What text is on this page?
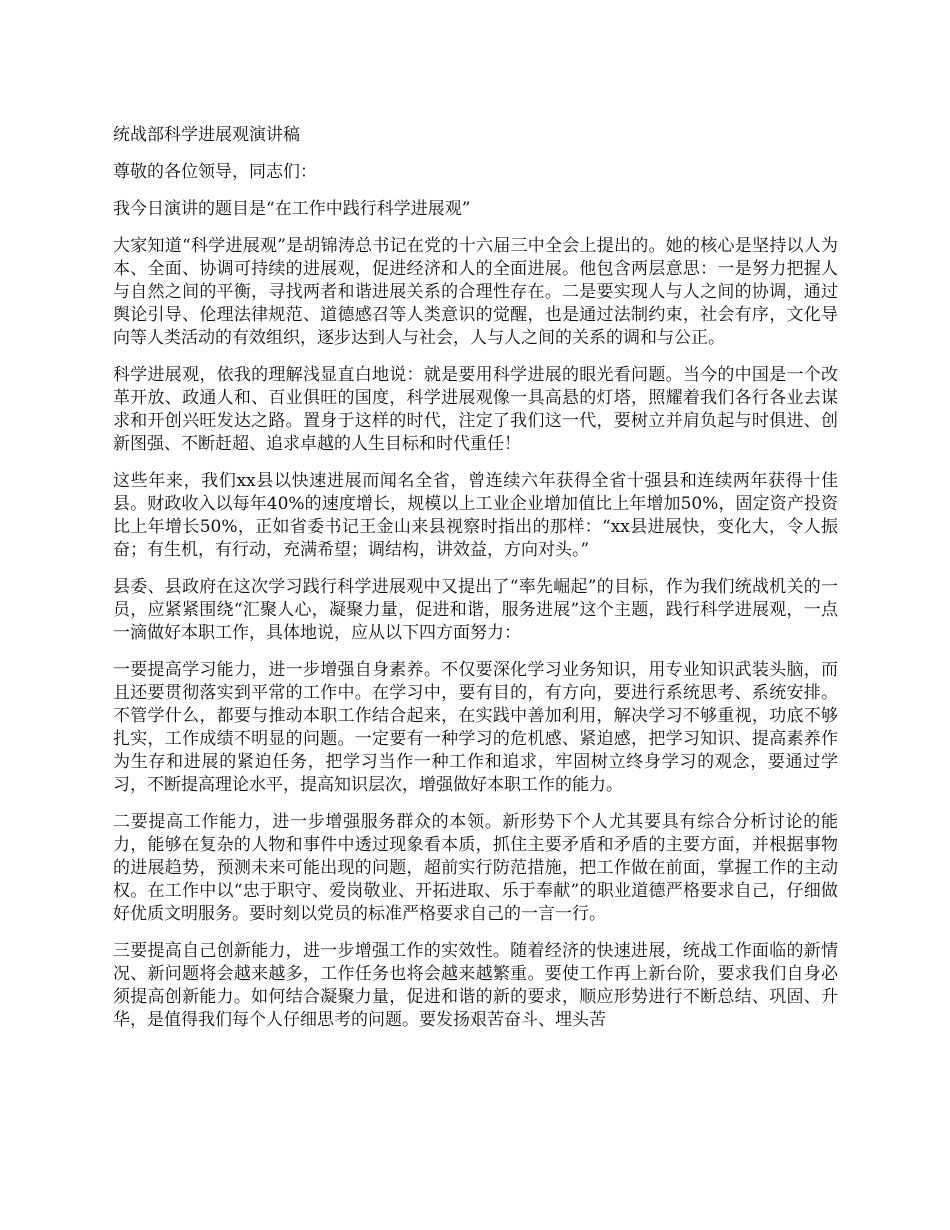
统战部科学进展观演讲稿

尊敬的各位领导，同志们：

我今日演讲的题目是“在工作中践行科学进展观”

大家知道“科学进展观”是胡锦涛总书记在党的十六届三中全会上提出的。她的核心是坚持以人为本、全面、协调可持续的进展观，促进经济和人的全面进展。他包含两层意思：一是努力把握人与自然之间的平衡，寻找两者和谐进展关系的合理性存在。二是要实现人与人之间的协调，通过舆论引导、伦理法律规范、道德感召等人类意识的觉醒，也是通过法制约束，社会有序，文化导向等人类活动的有效组织，逐步达到人与社会，人与人之间的关系的调和与公正。

科学进展观，依我的理解浅显直白地说：就是要用科学进展的眼光看问题。当今的中国是一个改革开放、政通人和、百业俱旺的国度，科学进展观像一具高悬的灯塔，照耀着我们各行各业去谋求和开创兴旺发达之路。置身于这样的时代，注定了我们这一代，要树立并肩负起与时俱进、创新图强、不断赶超、追求卓越的人生目标和时代重任！

这些年来，我们xx县以快速进展而闻名全省，曾连续六年获得全省十强县和连续两年获得十佳县。财政收入以每年40%的速度增长，规模以上工业企业增加值比上年增加50%，固定资产投资比上年增长50%，正如省委书记王金山来县视察时指出的那样：“xx县进展快，变化大，令人振奋；有生机，有行动，充满希望；调结构，讲效益，方向对头。”

县委、县政府在这次学习践行科学进展观中又提出了“率先崛起”的目标，作为我们统战机关的一员，应紧紧围绕“汇聚人心，凝聚力量，促进和谐，服务进展”这个主题，践行科学进展观，一点一滴做好本职工作，具体地说，应从以下四方面努力：

一要提高学习能力，进一步增强自身素养。不仅要深化学习业务知识，用专业知识武装头脑，而且还要贯彻落实到平常的工作中。在学习中，要有目的，有方向，要进行系统思考、系统安排。不管学什么，都要与推动本职工作结合起来，在实践中善加利用，解决学习不够重视，功底不够扎实，工作成绩不明显的问题。一定要有一种学习的危机感、紧迫感，把学习知识、提高素养作为生存和进展的紧迫任务，把学习当作一种工作和追求，牢固树立终身学习的观念，要通过学习，不断提高理论水平，提高知识层次，增强做好本职工作的能力。

二要提高工作能力，进一步增强服务群众的本领。新形势下个人尤其要具有综合分析讨论的能力，能够在复杂的人物和事件中透过现象看本质，抓住主要矛盾和矛盾的主要方面，并根据事物的进展趋势，预测未来可能出现的问题，超前实行防范措施，把工作做在前面，掌握工作的主动权。在工作中以“忠于职守、爱岗敬业、开拓进取、乐于奉献”的职业道德严格要求自己，仔细做好优质文明服务。要时刻以党员的标准严格要求自己的一言一行。

三要提高自己创新能力，进一步增强工作的实效性。随着经济的快速进展，统战工作面临的新情况、新问题将会越来越多，工作任务也将会越来越繁重。要使工作再上新台阶，要求我们自身必须提高创新能力。如何结合凝聚力量，促进和谐的新的要求，顺应形势进行不断总结、巩固、升华，是值得我们每个人仔细思考的问题。要发扬艰苦奋斗、埋头苦
